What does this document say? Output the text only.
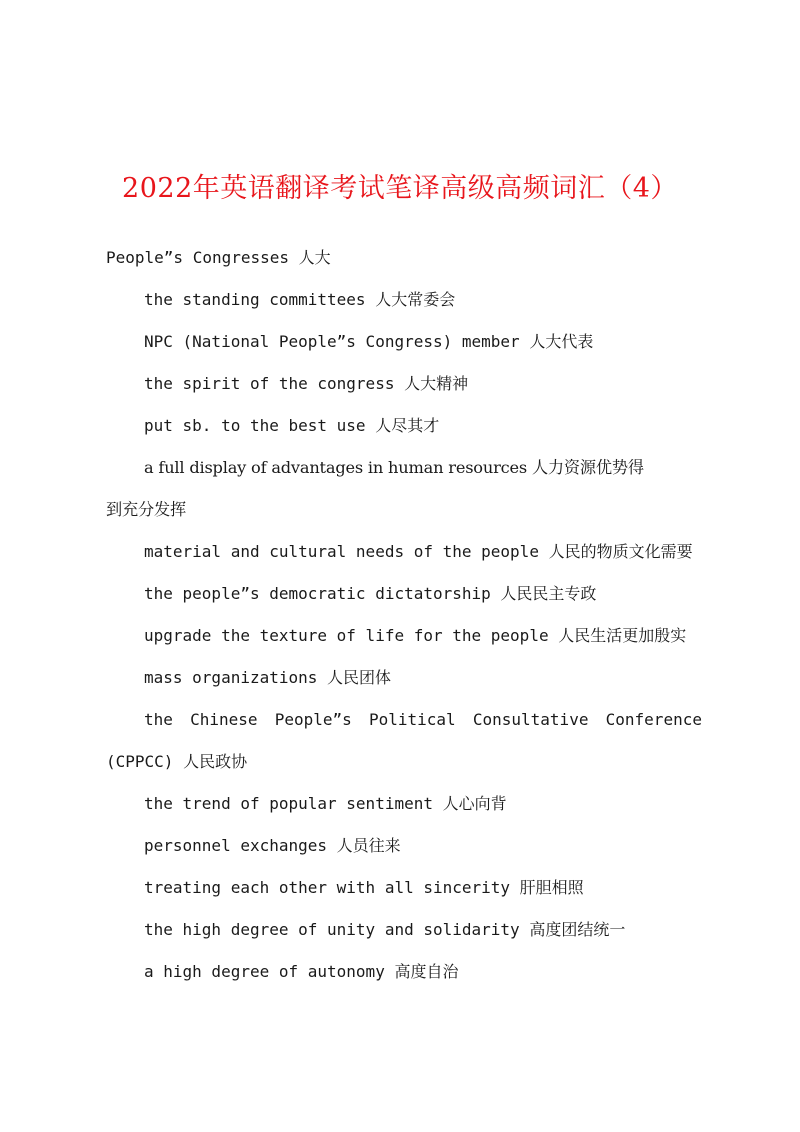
2022年英语翻译考试笔译高级高频词汇（4）
People”s Congresses 人大
the standing committees 人大常委会
NPC (National People”s Congress) member 人大代表
the spirit of the congress 人大精神
put sb. to the best use 人尽其才
a full display of advantages in human resources 人力资源优势得
到充分发挥
material and cultural needs of the people 人民的物质文化需要
the people”s democratic dictatorship 人民民主专政
upgrade the texture of life for the people 人民生活更加殷实
mass organizations 人民团体
the Chinese People”s Political Consultative Conference
(CPPCC) 人民政协
the trend of popular sentiment 人心向背
personnel exchanges 人员往来
treating each other with all sincerity 肝胆相照
the high degree of unity and solidarity 高度团结统一
a high degree of autonomy 高度自治
